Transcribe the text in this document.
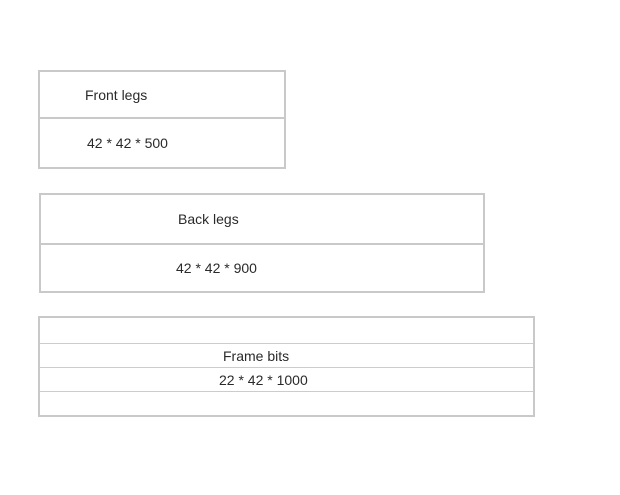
Front legs
42 * 42 * 500
Back legs
42 * 42 * 900
Frame bits
22 * 42 * 1000
